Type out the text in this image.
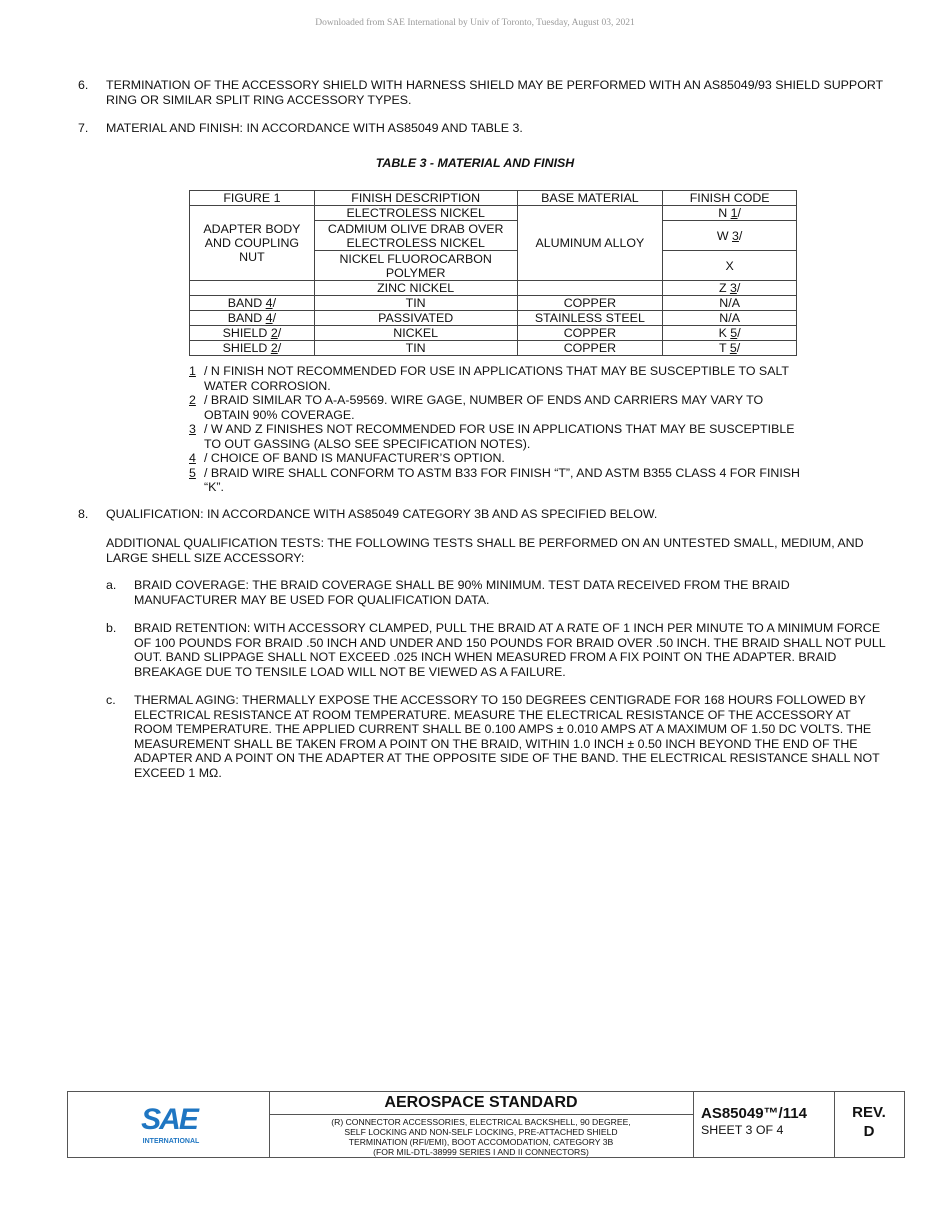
Downloaded from SAE International by Univ of Toronto, Tuesday, August 03, 2021
6. TERMINATION OF THE ACCESSORY SHIELD WITH HARNESS SHIELD MAY BE PERFORMED WITH AN AS85049/93 SHIELD SUPPORT RING OR SIMILAR SPLIT RING ACCESSORY TYPES.
7. MATERIAL AND FINISH: IN ACCORDANCE WITH AS85049 AND TABLE 3.
TABLE 3 - MATERIAL AND FINISH
FIGURE 1	FINISH DESCRIPTION	BASE MATERIAL	FINISH CODE
ADAPTER BODY AND COUPLING NUT	ELECTROLESS NICKEL	ALUMINUM ALLOY	N 1/
	CADMIUM OLIVE DRAB OVER ELECTROLESS NICKEL		W 3/
	NICKEL FLUOROCARBON POLYMER		X
	ZINC NICKEL		Z 3/
BAND 4/	TIN	COPPER	N/A
BAND 4/	PASSIVATED	STAINLESS STEEL	N/A
SHIELD 2/	NICKEL	COPPER	K 5/
SHIELD 2/	TIN	COPPER	T 5/
1 / N FINISH NOT RECOMMENDED FOR USE IN APPLICATIONS THAT MAY BE SUSCEPTIBLE TO SALT WATER CORROSION.
2 / BRAID SIMILAR TO A-A-59569. WIRE GAGE, NUMBER OF ENDS AND CARRIERS MAY VARY TO OBTAIN 90% COVERAGE.
3 / W AND Z FINISHES NOT RECOMMENDED FOR USE IN APPLICATIONS THAT MAY BE SUSCEPTIBLE TO OUT GASSING (ALSO SEE SPECIFICATION NOTES).
4 / CHOICE OF BAND IS MANUFACTURER’S OPTION.
5 / BRAID WIRE SHALL CONFORM TO ASTM B33 FOR FINISH “T”, AND ASTM B355 CLASS 4 FOR FINISH “K”.
8. QUALIFICATION: IN ACCORDANCE WITH AS85049 CATEGORY 3B AND AS SPECIFIED BELOW.
ADDITIONAL QUALIFICATION TESTS: THE FOLLOWING TESTS SHALL BE PERFORMED ON AN UNTESTED SMALL, MEDIUM, AND LARGE SHELL SIZE ACCESSORY:
a. BRAID COVERAGE: THE BRAID COVERAGE SHALL BE 90% MINIMUM. TEST DATA RECEIVED FROM THE BRAID MANUFACTURER MAY BE USED FOR QUALIFICATION DATA.
b. BRAID RETENTION: WITH ACCESSORY CLAMPED, PULL THE BRAID AT A RATE OF 1 INCH PER MINUTE TO A MINIMUM FORCE OF 100 POUNDS FOR BRAID .50 INCH AND UNDER AND 150 POUNDS FOR BRAID OVER .50 INCH. THE BRAID SHALL NOT PULL OUT. BAND SLIPPAGE SHALL NOT EXCEED .025 INCH WHEN MEASURED FROM A FIX POINT ON THE ADAPTER. BRAID BREAKAGE DUE TO TENSILE LOAD WILL NOT BE VIEWED AS A FAILURE.
c. THERMAL AGING: THERMALLY EXPOSE THE ACCESSORY TO 150 DEGREES CENTIGRADE FOR 168 HOURS FOLLOWED BY ELECTRICAL RESISTANCE AT ROOM TEMPERATURE. MEASURE THE ELECTRICAL RESISTANCE OF THE ACCESSORY AT ROOM TEMPERATURE. THE APPLIED CURRENT SHALL BE 0.100 AMPS ± 0.010 AMPS AT A MAXIMUM OF 1.50 DC VOLTS. THE MEASUREMENT SHALL BE TAKEN FROM A POINT ON THE BRAID, WITHIN 1.0 INCH ± 0.50 INCH BEYOND THE END OF THE ADAPTER AND A POINT ON THE ADAPTER AT THE OPPOSITE SIDE OF THE BAND. THE ELECTRICAL RESISTANCE SHALL NOT EXCEED 1 MΩ.
SAE
INTERNATIONAL
AEROSPACE STANDARD
(R) CONNECTOR ACCESSORIES, ELECTRICAL BACKSHELL, 90 DEGREE,
SELF LOCKING AND NON-SELF LOCKING, PRE-ATTACHED SHIELD
TERMINATION (RFI/EMI), BOOT ACCOMODATION, CATEGORY 3B
(FOR MIL-DTL-38999 SERIES I AND II CONNECTORS)
AS85049™/114
SHEET 3 OF 4
REV.
D
